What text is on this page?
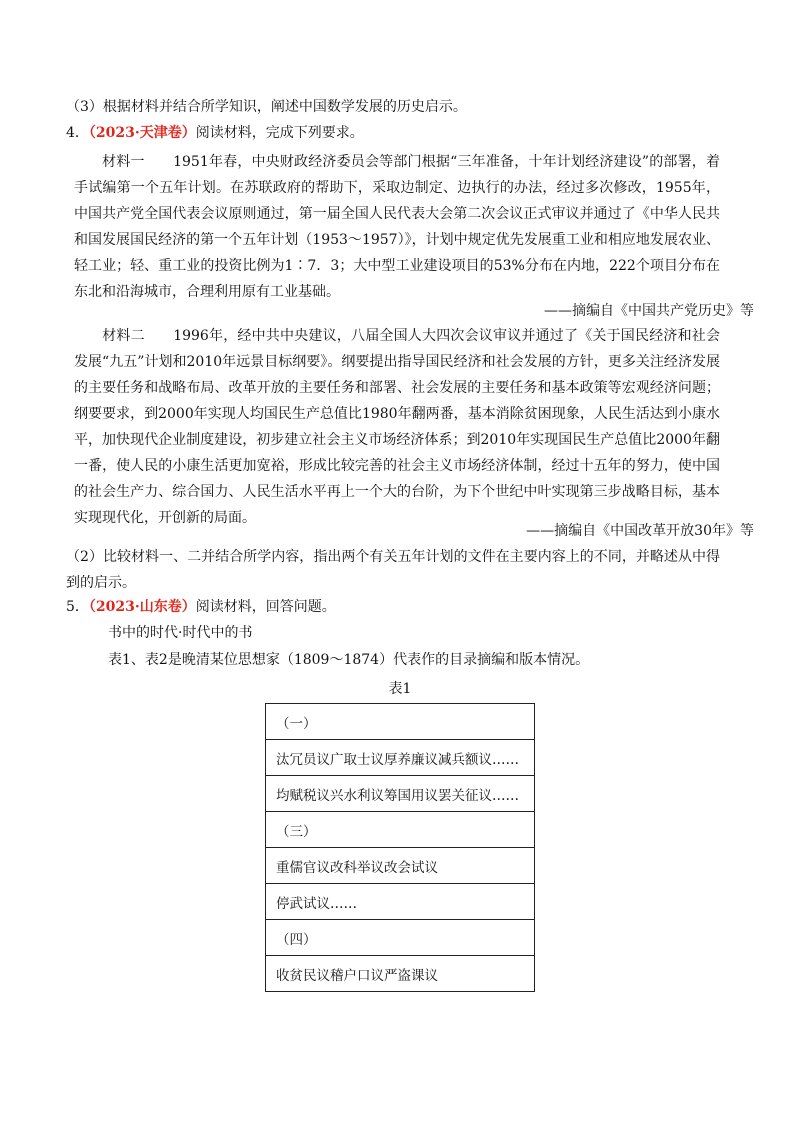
（3）根据材料并结合所学知识，阐述中国数学发展的历史启示。
4．（2023·天津卷）阅读材料，完成下列要求。
材料一　　1951年春，中央财政经济委员会等部门根据“三年准备，十年计划经济建设”的部署，着手试编第一个五年计划。在苏联政府的帮助下，采取边制定、边执行的办法，经过多次修改，1955年，中国共产党全国代表会议原则通过，第一届全国人民代表大会第二次会议正式审议并通过了《中华人民共和国发展国民经济的第一个五年计划（1953～1957）》，计划中规定优先发展重工业和相应地发展农业、轻工业；轻、重工业的投资比例为1∶7．3；大中型工业建设项目的53%分布在内地，222个项目分布在东北和沿海城市，合理利用原有工业基础。
——摘编自《中国共产党历史》等
材料二　　1996年，经中共中央建议，八届全国人大四次会议审议并通过了《关于国民经济和社会发展“九五”计划和2010年远景目标纲要》。纲要提出指导国民经济和社会发展的方针，更多关注经济发展的主要任务和战略布局、改革开放的主要任务和部署、社会发展的主要任务和基本政策等宏观经济问题；纲要要求，到2000年实现人均国民生产总值比1980年翻两番，基本消除贫困现象，人民生活达到小康水平，加快现代企业制度建设，初步建立社会主义市场经济体系；到2010年实现国民生产总值比2000年翻一番，使人民的小康生活更加宽裕，形成比较完善的社会主义市场经济体制，经过十五年的努力，使中国的社会生产力、综合国力、人民生活水平再上一个大的台阶，为下个世纪中叶实现第三步战略目标，基本实现现代化，开创新的局面。
——摘编自《中国改革开放30年》等
（2）比较材料一、二并结合所学内容，指出两个有关五年计划的文件在主要内容上的不同，并略述从中得到的启示。
5．（2023·山东卷）阅读材料，回答问题。
书中的时代·时代中的书
表1、表2是晚清某位思想家（1809～1874）代表作的目录摘编和版本情况。
表1
（一）
汰冗员议广取士议厚养廉议减兵额议……
均赋税议兴水利议筹国用议罢关征议……
（三）
重儒官议改科举议改会试议
停武试议……
（四）
收贫民议稽户口议严盗课议
